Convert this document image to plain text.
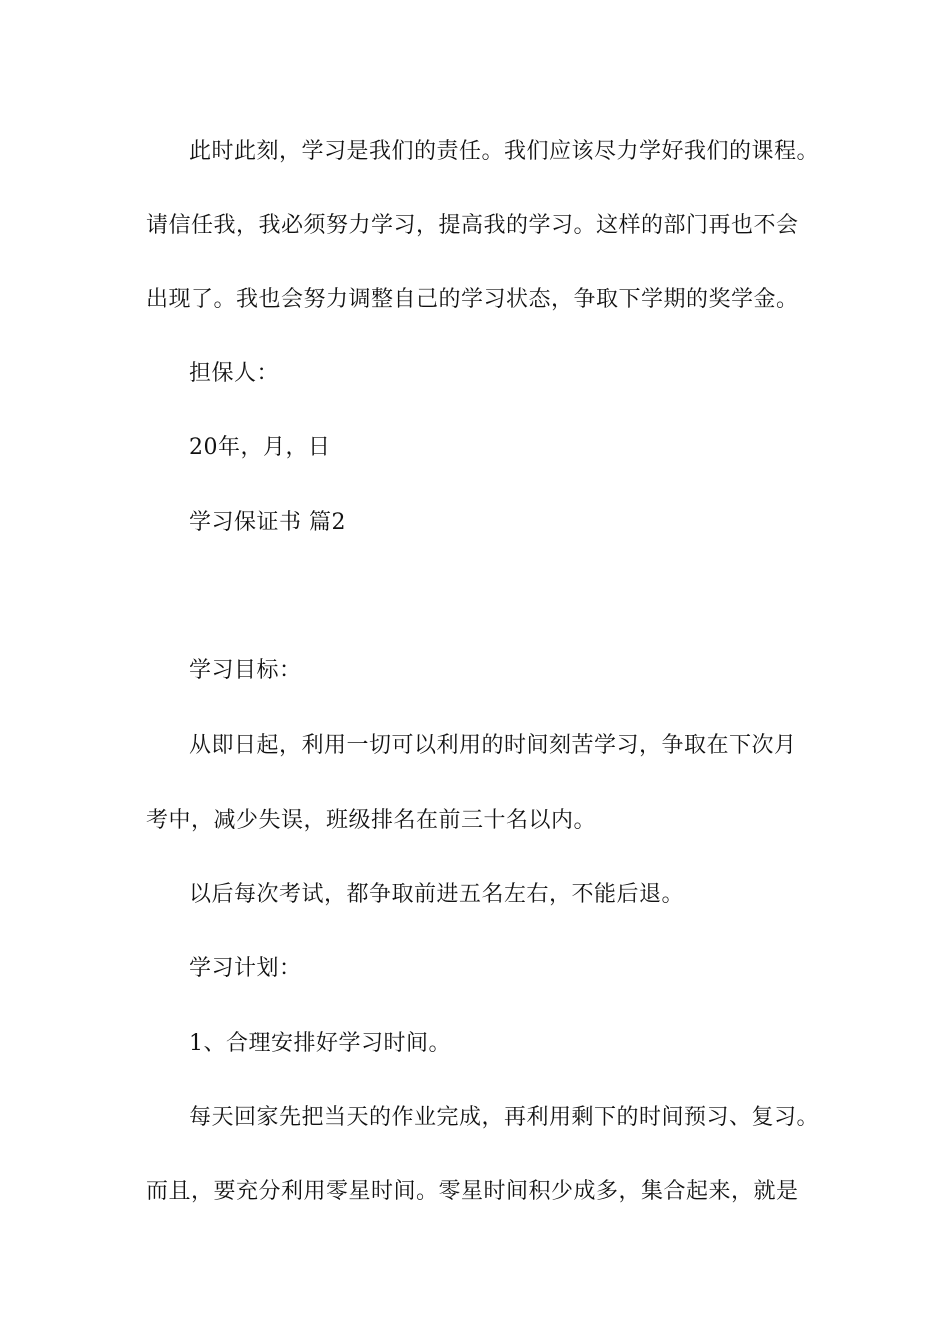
此时此刻，学习是我们的责任。我们应该尽力学好我们的课程。
请信任我，我必须努力学习，提高我的学习。这样的部门再也不会
出现了。我也会努力调整自己的学习状态，争取下学期的奖学金。
担保人：
20年，月，日
学习保证书 篇2
学习目标：
从即日起，利用一切可以利用的时间刻苦学习，争取在下次月
考中，减少失误，班级排名在前三十名以内。
以后每次考试，都争取前进五名左右，不能后退。
学习计划：
1、合理安排好学习时间。
每天回家先把当天的作业完成，再利用剩下的时间预习、复习。
而且，要充分利用零星时间。零星时间积少成多，集合起来，就是
